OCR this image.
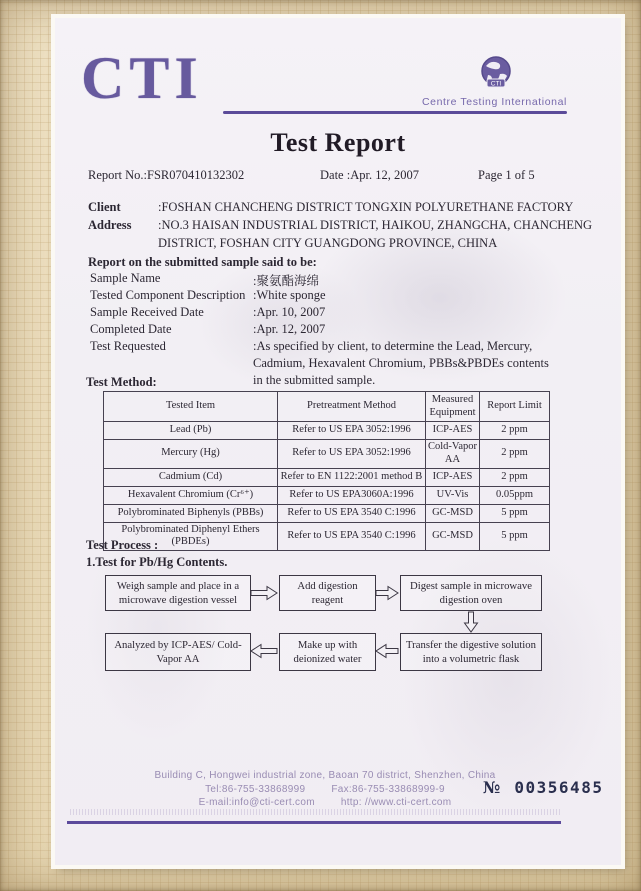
CTI	CTI
Centre Testing International
Test Report
Report No.:FSR070410132302	Date :Apr. 12, 2007	Page 1 of 5
Client	:FOSHAN CHANCHENG DISTRICT TONGXIN POLYURETHANE FACTORY
Address :NO.3 HAISAN INDUSTRIAL DISTRICT, HAIKOU, ZHANGCHA, CHANCHENG
DISTRICT, FOSHAN CITY GUANGDONG PROVINCE, CHINA
Report on the submitted sample said to be:
Sample Name	:聚氨酯海绵
Tested Component Description :White sponge
Sample Received Date	:Apr. 10, 2007
Completed Date	:Apr. 12, 2007
Test Requested	:As specified by client, to determine the Lead, Mercury,
Cadmium, Hexavalent Chromium, PBBs&PBDEs contents
in the submitted sample.
Test Method:
Tested Item	Pretreatment Method	Measured Equipment	Report Limit
Lead (Pb)	Refer to US EPA 3052:1996	ICP-AES	2 ppm
Mercury (Hg)	Refer to US EPA 3052:1996	Cold-Vapor AA	2 ppm
Cadmium (Cd)	Refer to EN 1122:2001 method B	ICP-AES	2 ppm
Hexavalent Chromium (Cr⁶⁺)	Refer to US EPA3060A:1996	UV-Vis	0.05ppm
Polybrominated Biphenyls (PBBs)	Refer to US EPA 3540 C:1996	GC-MSD	5 ppm
Polybrominated Diphenyl Ethers (PBDEs)	Refer to US EPA 3540 C:1996	GC-MSD	5 ppm
Test Process :
1.Test for Pb/Hg Contents.
Weigh sample and place in a microwave digestion vessel
Add digestion reagent
Digest sample in microwave digestion oven
Analyzed by ICP-AES/ Cold-Vapor AA
Make up with deionized water
Transfer the digestive solution into a volumetric flask
Building C, Hongwei industrial zone, Baoan 70 district, Shenzhen, China
Tel:86-755-33868999	Fax:86-755-33868999-9
E-mail:info@cti-cert.com	http: //www.cti-cert.com
№ 00356485
